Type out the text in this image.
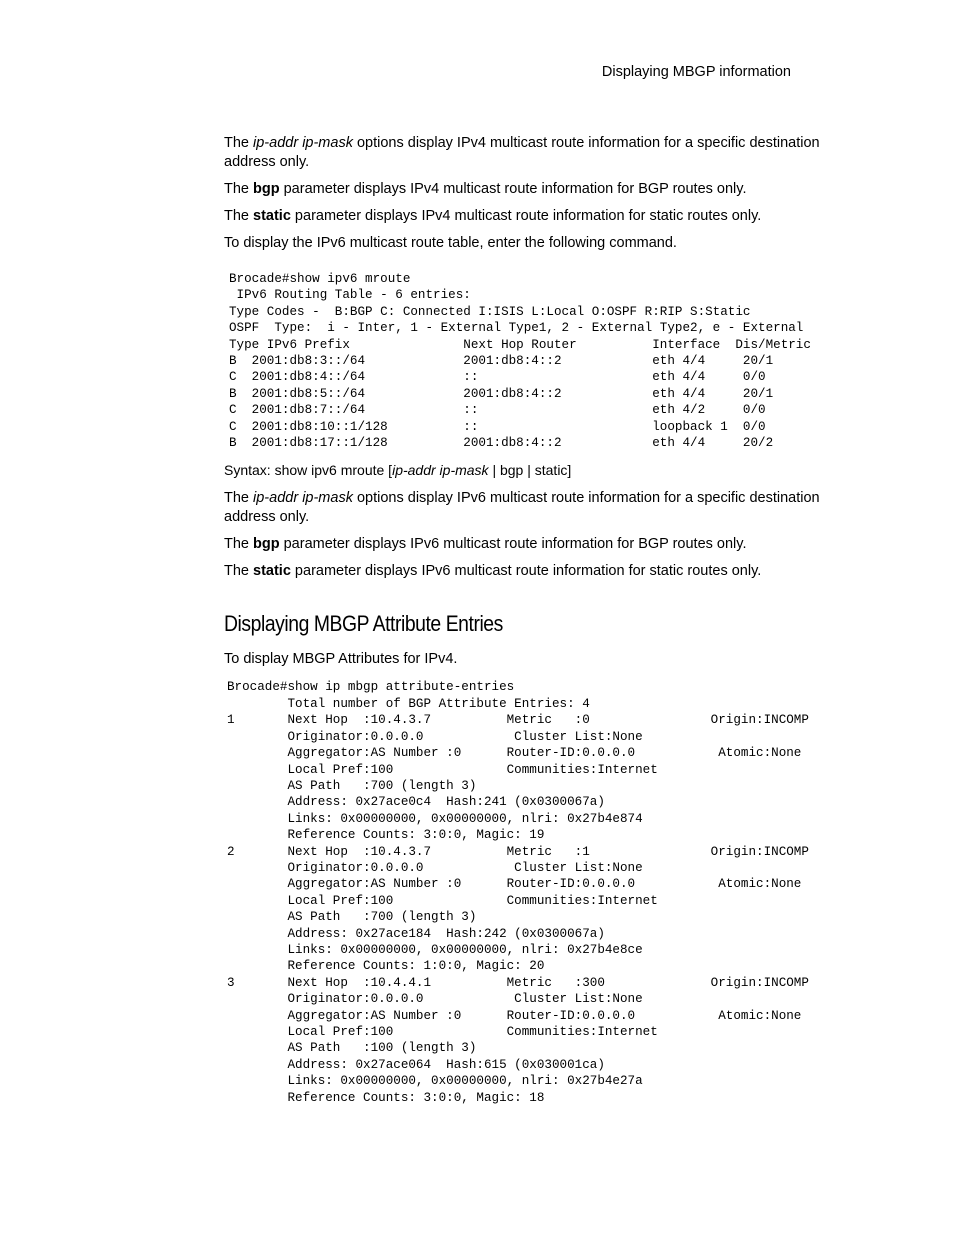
Displaying MBGP information

The ip-addr ip-mask options display IPv4 multicast route information for a specific destination address only.

The bgp parameter displays IPv4 multicast route information for BGP routes only.

The static parameter displays IPv4 multicast route information for static routes only.

To display the IPv6 multicast route table, enter the following command.

Brocade#show ipv6 mroute
IPv6 Routing Table - 6 entries:
Type Codes -  B:BGP C: Connected I:ISIS L:Local O:OSPF R:RIP S:Static
OSPF  Type:  i - Inter, 1 - External Type1, 2 - External Type2, e - External
Type IPv6 Prefix               Next Hop Router          Interface  Dis/Metric
B  2001:db8:3::/64             2001:db8:4::2            eth 4/4     20/1
C  2001:db8:4::/64             ::                       eth 4/4     0/0
B  2001:db8:5::/64             2001:db8:4::2            eth 4/4     20/1
C  2001:db8:7::/64             ::                       eth 4/2     0/0
C  2001:db8:10::1/128          ::                       loopback 1  0/0
B  2001:db8:17::1/128          2001:db8:4::2            eth 4/4     20/2

Syntax: show ipv6 mroute [ip-addr ip-mask | bgp | static]

The ip-addr ip-mask options display IPv6 multicast route information for a specific destination address only.

The bgp parameter displays IPv6 multicast route information for BGP routes only.

The static parameter displays IPv6 multicast route information for static routes only.

Displaying MBGP Attribute Entries

To display MBGP Attributes for IPv4.

Brocade#show ip mbgp attribute-entries
Total number of BGP Attribute Entries: 4
1       Next Hop  :10.4.3.7          Metric   :0                Origin:INCOMP
Originator:0.0.0.0            Cluster List:None
Aggregator:AS Number :0      Router-ID:0.0.0.0           Atomic:None
Local Pref:100               Communities:Internet
AS Path   :700 (length 3)
Address: 0x27ace0c4  Hash:241 (0x0300067a)
Links: 0x00000000, 0x00000000, nlri: 0x27b4e874
Reference Counts: 3:0:0, Magic: 19
2       Next Hop  :10.4.3.7          Metric   :1                Origin:INCOMP
Originator:0.0.0.0            Cluster List:None
Aggregator:AS Number :0      Router-ID:0.0.0.0           Atomic:None
Local Pref:100               Communities:Internet
AS Path   :700 (length 3)
Address: 0x27ace184  Hash:242 (0x0300067a)
Links: 0x00000000, 0x00000000, nlri: 0x27b4e8ce
Reference Counts: 1:0:0, Magic: 20
3       Next Hop  :10.4.4.1          Metric   :300              Origin:INCOMP
Originator:0.0.0.0            Cluster List:None
Aggregator:AS Number :0      Router-ID:0.0.0.0           Atomic:None
Local Pref:100               Communities:Internet
AS Path   :100 (length 3)
Address: 0x27ace064  Hash:615 (0x030001ca)
Links: 0x00000000, 0x00000000, nlri: 0x27b4e27a
Reference Counts: 3:0:0, Magic: 18
